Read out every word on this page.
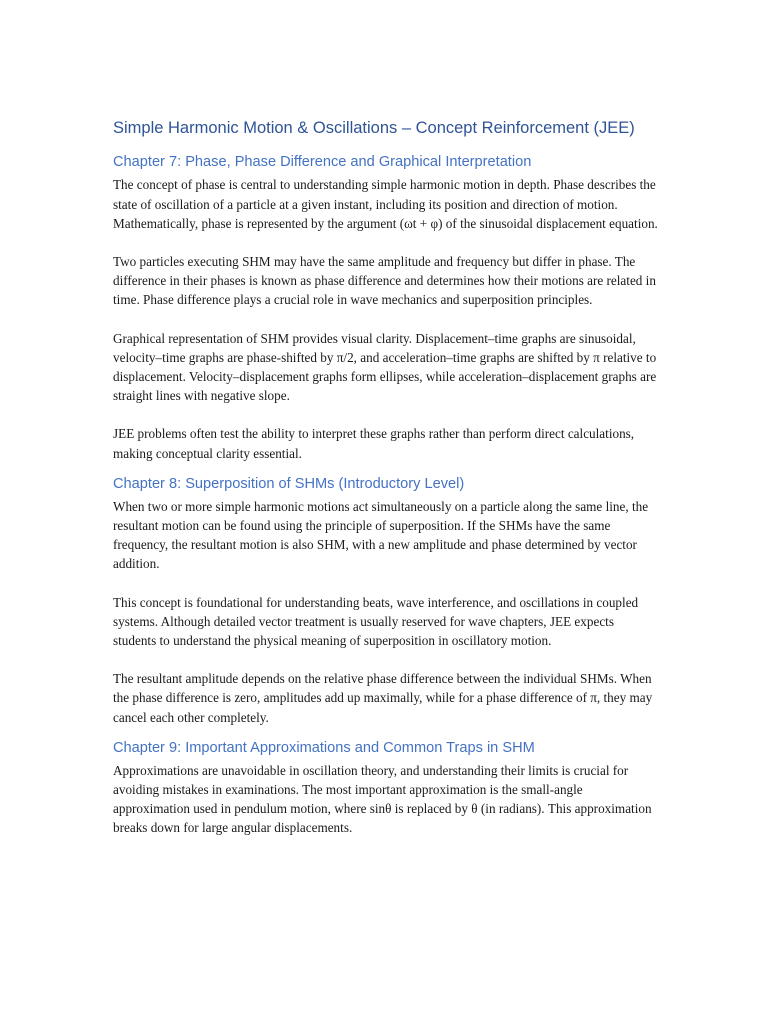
Simple Harmonic Motion & Oscillations – Concept Reinforcement (JEE)
Chapter 7: Phase, Phase Difference and Graphical Interpretation

The concept of phase is central to understanding simple harmonic motion in depth. Phase describes the state of oscillation of a particle at a given instant, including its position and direction of motion. Mathematically, phase is represented by the argument (ωt + φ) of the sinusoidal displacement equation.

Two particles executing SHM may have the same amplitude and frequency but differ in phase. The difference in their phases is known as phase difference and determines how their motions are related in time. Phase difference plays a crucial role in wave mechanics and superposition principles.

Graphical representation of SHM provides visual clarity. Displacement–time graphs are sinusoidal, velocity–time graphs are phase-shifted by π/2, and acceleration–time graphs are shifted by π relative to displacement. Velocity–displacement graphs form ellipses, while acceleration–displacement graphs are straight lines with negative slope.

JEE problems often test the ability to interpret these graphs rather than perform direct calculations, making conceptual clarity essential.

Chapter 8: Superposition of SHMs (Introductory Level)

When two or more simple harmonic motions act simultaneously on a particle along the same line, the resultant motion can be found using the principle of superposition. If the SHMs have the same frequency, the resultant motion is also SHM, with a new amplitude and phase determined by vector addition.

This concept is foundational for understanding beats, wave interference, and oscillations in coupled systems. Although detailed vector treatment is usually reserved for wave chapters, JEE expects students to understand the physical meaning of superposition in oscillatory motion.

The resultant amplitude depends on the relative phase difference between the individual SHMs. When the phase difference is zero, amplitudes add up maximally, while for a phase difference of π, they may cancel each other completely.

Chapter 9: Important Approximations and Common Traps in SHM

Approximations are unavoidable in oscillation theory, and understanding their limits is crucial for avoiding mistakes in examinations. The most important approximation is the small-angle approximation used in pendulum motion, where sinθ is replaced by θ (in radians). This approximation breaks down for large angular displacements.
